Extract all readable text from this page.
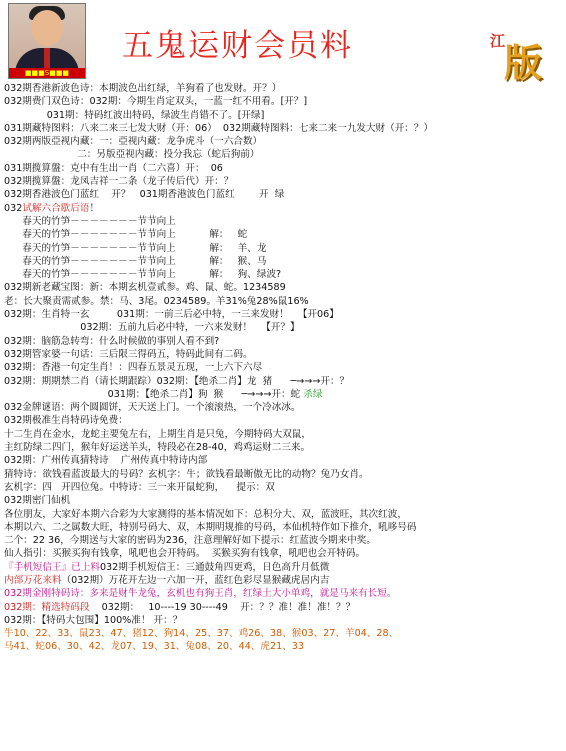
■■■S■■■
五鬼运财会员料	江
版
032期香港新波色诗：本期波色出红绿，羊狗看了也发财。开？）
032期费门双色诗：032期：今期生肖定双头，一蓝一红不用看。[开？]
031期：特码红波出特码，绿波生肖错不了。[开绿]
031期藏特图料：八来二来三七发大财（开：06）  032期藏特图料：七来二来一九发大财（开：？）
032期两版亞视内藏：一：亞视内藏：龙争虎斗（一六合数）
二：另版亞视内藏：投分我忘（蛇后狗前）
031期揽算盤：克中有生出一肖（二六喜）开：  06
032期揽算盤：龙凤吉祥一二条（龙子传后代）开：？
032期香港波色门蓝红    开？   031期香港波色门蓝红        开  绿
032试解六合歇后语！
春天的竹笋－－－－－－－节节向上
春天的竹笋－－－－－－－节节向上           解：   蛇
春天的竹笋－－－－－－－节节向上           解：   羊、龙
春天的竹笋－－－－－－－节节向上           解：   猴、马
春天的竹笋－－－－－－－节节向上           解：   狗、绿波?
032期新老藏宝图：新：本期玄机壹贰参。鸡、鼠、蛇。1234589
老：长大聚责需贰参。禁：马、3尾。0234589。羊31%兔28%鼠16%
032期：生肖特一玄         031期：一前三后必中特，一三来发财！   【开06】
032期：五前九后必中特，一六来发财！   【开？】
032期：脑筋急转弯：什么时候做的事别人看不到?
032期管家婆一句话：三后限三得码五，特码此间有二码。
032期：香港一句定生肖！：四春五景灵五现，一上六下六尽
032期：期期禁二肖（请长期跟踪）032期：【绝杀二肖】龙  猪      ─→→→开：？
031期：【绝杀二肖】狗  猴      ─→→→开：蛇 杀绿
032金牌谜语：两个圆圆饼，天天送上门。一个滚滚热，一个冷冰冰。
032期极准生肖特码诗免费：
十二生肖在金水，龙蛇主要兔左右，上期生肖是只兔，今期特码大双鼠，
主红防绿二四门，猴年好运送羊头，特段必在28-40，鸡鸡运财二三来。
032期：广州传真猜特诗    广州传真中特诗内部
猜特诗：欲钱看蓝波最大的号码？玄机字：牛；欲钱看最断傲无比的动物？兔乃女肖。
玄机字：四   开四位兔。中特诗：三一来开鼠蛇狗，    提示：双
032期密门仙机
各位朋友，大家好本期六合彩为大家测得的基本情况如下：总积分大、双，蓝波旺，其次红波，
本期以六、二之属数大旺，特别号码大、双，本期明规推的号码，本仙机特作如下推介，吼哆号码
二个：22 36，今期送与大家的密码为236，注意理解好如下提示：红蓝波今期来中奖。
仙人指引：买猴买狗有钱拿，吼吧也会开特码。  买猴买狗有钱拿，吼吧也会开特码。
『手机短信王』已上料032期手机短信王：三通鼓角四更鸡，日色高升月低微
内部万花来料（032期）万花开左边一六加一开，蓝红色彩尽显猴藏虎居内吉
032期金刚特码诗：多来是财牛龙兔，玄机也有狗王肖，红绿土大小单鸡，就是马来有长短。
032期：精选特码段    032期：   10----19 30----49    开：？？准！准！准！？？
032期：【特码大包围】100%准！ 开：？
牛10、22、33、鼠23、47、猪12、狗14、25、37、鸡26、38、猴03、27、羊04、28、
马41、蛇06、30、42、龙07、19、31、兔08、20、44、虎21、33
